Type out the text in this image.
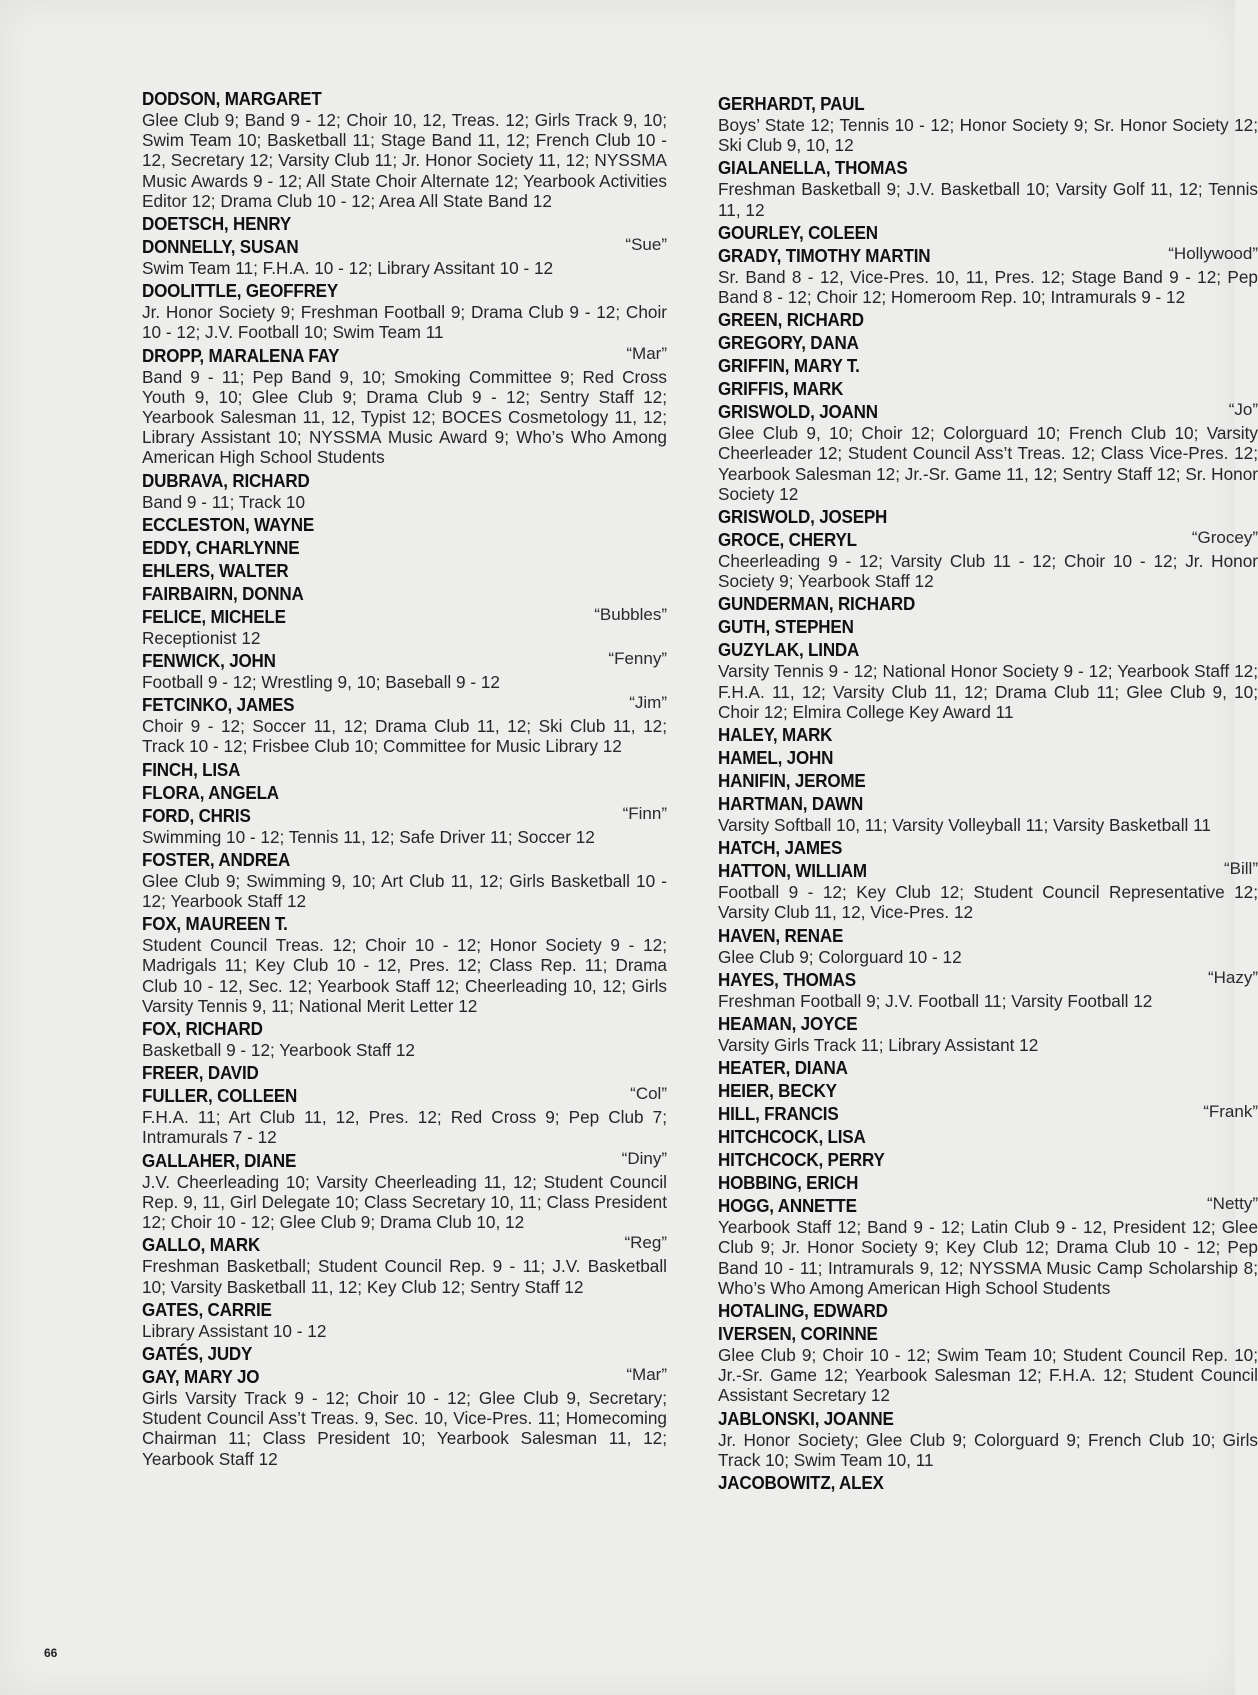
DODSON, MARGARET
Glee Club 9; Band 9 - 12; Choir 10, 12, Treas. 12; Girls Track 9, 10; Swim Team 10; Basketball 11; Stage Band 11, 12; French Club 10 - 12, Secretary 12; Varsity Club 11; Jr. Honor Society 11, 12; NYSSMA Music Awards 9 - 12; All State Choir Alternate 12; Yearbook Activities Editor 12; Drama Club 10 - 12; Area All State Band 12
DOETSCH, HENRY
DONNELLY, SUSAN	“Sue”
Swim Team 11; F.H.A. 10 - 12; Library Assitant 10 - 12
DOOLITTLE, GEOFFREY
Jr. Honor Society 9; Freshman Football 9; Drama Club 9 - 12; Choir 10 - 12; J.V. Football 10; Swim Team 11
DROPP, MARALENA FAY	“Mar”
Band 9 - 11; Pep Band 9, 10; Smoking Committee 9; Red Cross Youth 9, 10; Glee Club 9; Drama Club 9 - 12; Sentry Staff 12; Yearbook Salesman 11, 12, Typist 12; BOCES Cosmetology 11, 12; Library Assistant 10; NYSSMA Music Award 9; Who’s Who Among American High School Students
DUBRAVA, RICHARD
Band 9 - 11; Track 10
ECCLESTON, WAYNE
EDDY, CHARLYNNE
EHLERS, WALTER
FAIRBAIRN, DONNA
FELICE, MICHELE	“Bubbles”
Receptionist 12
FENWICK, JOHN	“Fenny”
Football 9 - 12; Wrestling 9, 10; Baseball 9 - 12
FETCINKO, JAMES	“Jim”
Choir 9 - 12; Soccer 11, 12; Drama Club 11, 12; Ski Club 11, 12; Track 10 - 12; Frisbee Club 10; Committee for Music Library 12
FINCH, LISA
FLORA, ANGELA
FORD, CHRIS	“Finn”
Swimming 10 - 12; Tennis 11, 12; Safe Driver 11; Soccer 12
FOSTER, ANDREA
Glee Club 9; Swimming 9, 10; Art Club 11, 12; Girls Basketball 10 - 12; Yearbook Staff 12
FOX, MAUREEN T.
Student Council Treas. 12; Choir 10 - 12; Honor Society 9 - 12; Madrigals 11; Key Club 10 - 12, Pres. 12; Class Rep. 11; Drama Club 10 - 12, Sec. 12; Yearbook Staff 12; Cheerleading 10, 12; Girls Varsity Tennis 9, 11; National Merit Letter 12
FOX, RICHARD
Basketball 9 - 12; Yearbook Staff 12
FREER, DAVID
FULLER, COLLEEN	“Col”
F.H.A. 11; Art Club 11, 12, Pres. 12; Red Cross 9; Pep Club 7; Intramurals 7 - 12
GALLAHER, DIANE	“Diny”
J.V. Cheerleading 10; Varsity Cheerleading 11, 12; Student Council Rep. 9, 11, Girl Delegate 10; Class Secretary 10, 11; Class President 12; Choir 10 - 12; Glee Club 9; Drama Club 10, 12
GALLO, MARK	“Reg”
Freshman Basketball; Student Council Rep. 9 - 11; J.V. Basketball 10; Varsity Basketball 11, 12; Key Club 12; Sentry Staff 12
GATES, CARRIE
Library Assistant 10 - 12
GATÉS, JUDY
GAY, MARY JO	“Mar”
Girls Varsity Track 9 - 12; Choir 10 - 12; Glee Club 9, Secretary; Student Council Ass’t Treas. 9, Sec. 10, Vice-Pres. 11; Homecoming Chairman 11; Class President 10; Yearbook Salesman 11, 12; Yearbook Staff 12
GERHARDT, PAUL
Boys’ State 12; Tennis 10 - 12; Honor Society 9; Sr. Honor Society 12; Ski Club 9, 10, 12
GIALANELLA, THOMAS
Freshman Basketball 9; J.V. Basketball 10; Varsity Golf 11, 12; Tennis 11, 12
GOURLEY, COLEEN
GRADY, TIMOTHY MARTIN	“Hollywood”
Sr. Band 8 - 12, Vice-Pres. 10, 11, Pres. 12; Stage Band 9 - 12; Pep Band 8 - 12; Choir 12; Homeroom Rep. 10; Intramurals 9 - 12
GREEN, RICHARD
GREGORY, DANA
GRIFFIN, MARY T.
GRIFFIS, MARK
GRISWOLD, JOANN	“Jo”
Glee Club 9, 10; Choir 12; Colorguard 10; French Club 10; Varsity Cheerleader 12; Student Council Ass’t Treas. 12; Class Vice-Pres. 12; Yearbook Salesman 12; Jr.-Sr. Game 11, 12; Sentry Staff 12; Sr. Honor Society 12
GRISWOLD, JOSEPH
GROCE, CHERYL	“Grocey”
Cheerleading 9 - 12; Varsity Club 11 - 12; Choir 10 - 12; Jr. Honor Society 9; Yearbook Staff 12
GUNDERMAN, RICHARD
GUTH, STEPHEN
GUZYLAK, LINDA
Varsity Tennis 9 - 12; National Honor Society 9 - 12; Yearbook Staff 12; F.H.A. 11, 12; Varsity Club 11, 12; Drama Club 11; Glee Club 9, 10; Choir 12; Elmira College Key Award 11
HALEY, MARK
HAMEL, JOHN
HANIFIN, JEROME
HARTMAN, DAWN
Varsity Softball 10, 11; Varsity Volleyball 11; Varsity Basketball 11
HATCH, JAMES
HATTON, WILLIAM	“Bill”
Football 9 - 12; Key Club 12; Student Council Representative 12; Varsity Club 11, 12, Vice-Pres. 12
HAVEN, RENAE
Glee Club 9; Colorguard 10 - 12
HAYES, THOMAS	“Hazy”
Freshman Football 9; J.V. Football 11; Varsity Football 12
HEAMAN, JOYCE
Varsity Girls Track 11; Library Assistant 12
HEATER, DIANA
HEIER, BECKY
HILL, FRANCIS	“Frank”
HITCHCOCK, LISA
HITCHCOCK, PERRY
HOBBING, ERICH
HOGG, ANNETTE	“Netty”
Yearbook Staff 12; Band 9 - 12; Latin Club 9 - 12, President 12; Glee Club 9; Jr. Honor Society 9; Key Club 12; Drama Club 10 - 12; Pep Band 10 - 11; Intramurals 9, 12; NYSSMA Music Camp Scholarship 8; Who’s Who Among American High School Students
HOTALING, EDWARD
IVERSEN, CORINNE
Glee Club 9; Choir 10 - 12; Swim Team 10; Student Council Rep. 10; Jr.-Sr. Game 12; Yearbook Salesman 12; F.H.A. 12; Student Council Assistant Secretary 12
JABLONSKI, JOANNE
Jr. Honor Society; Glee Club 9; Colorguard 9; French Club 10; Girls Track 10; Swim Team 10, 11
JACOBOWITZ, ALEX
66
